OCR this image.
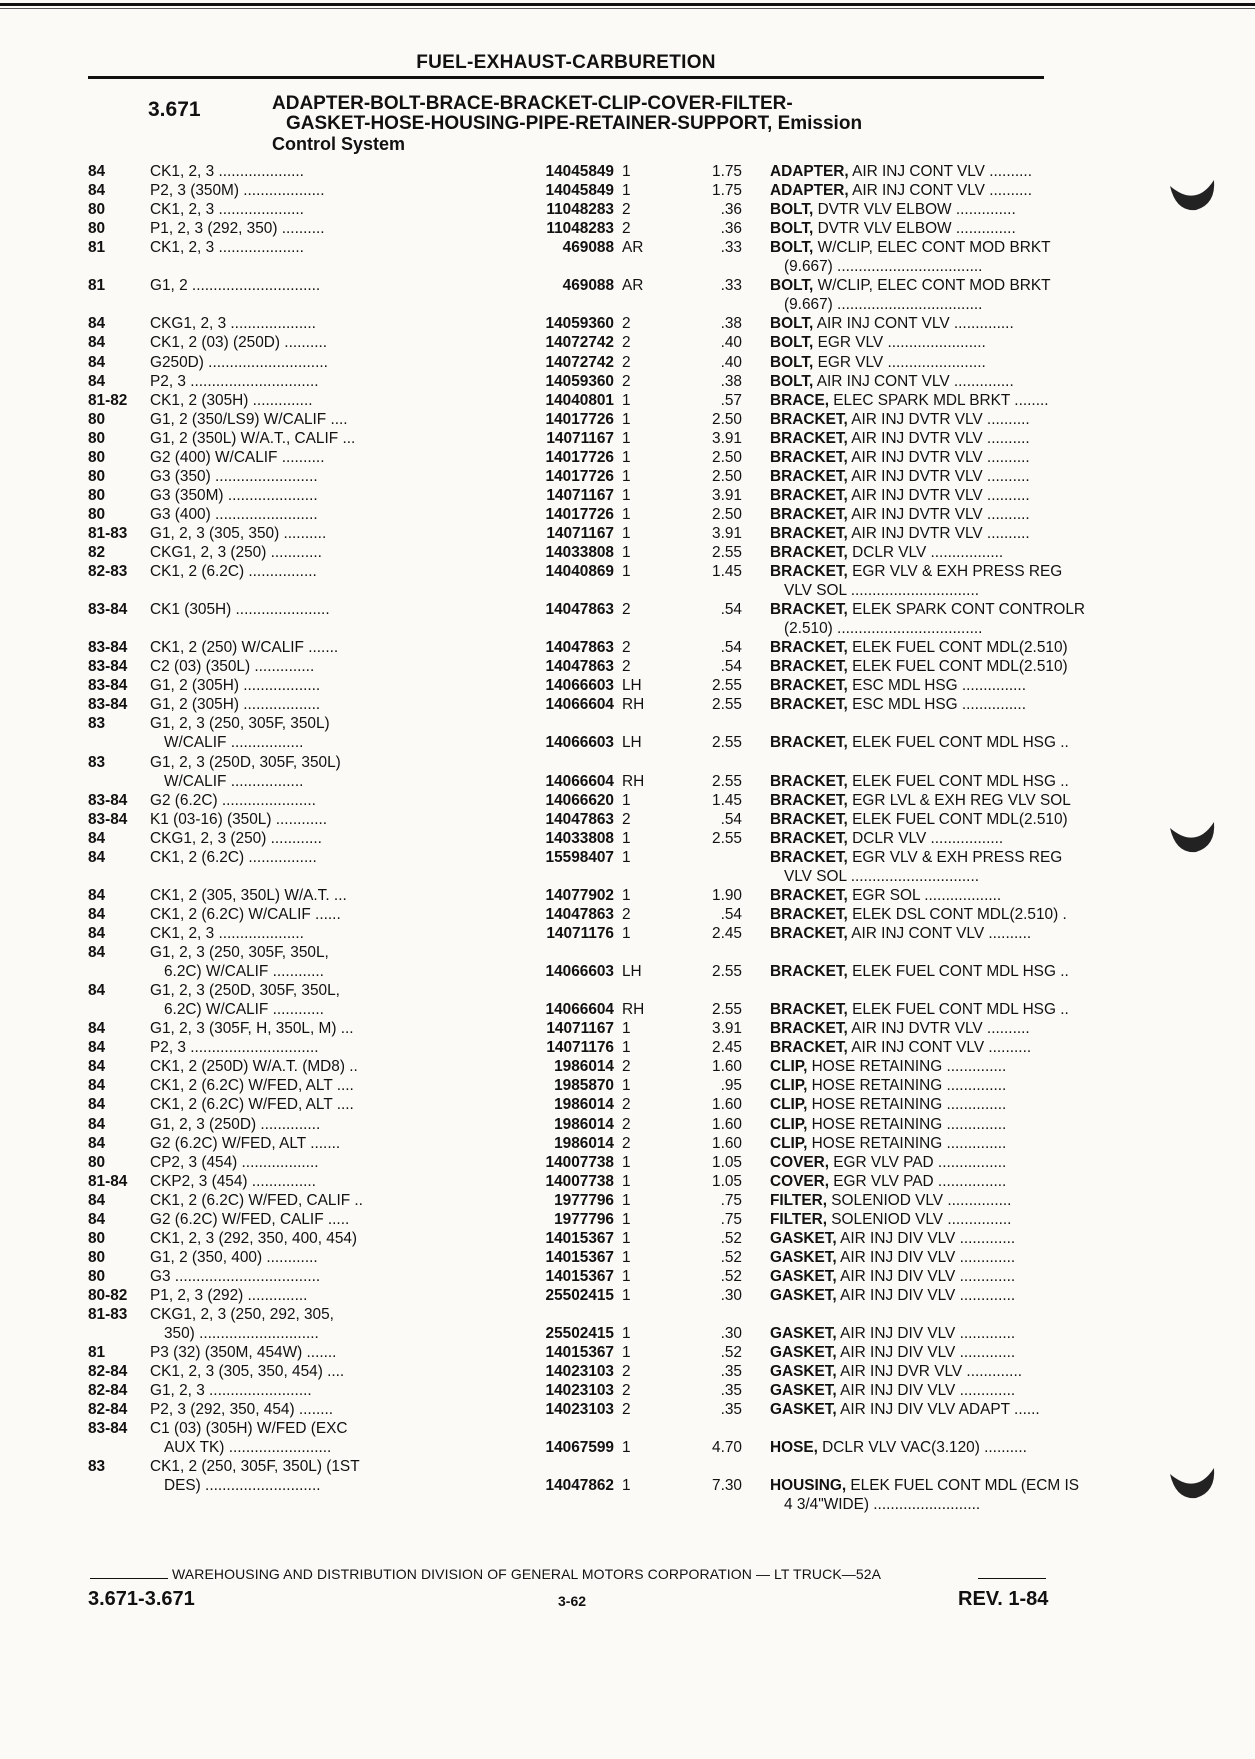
FUEL-EXHAUST-CARBURETION
3.671	ADAPTER-BOLT-BRACE-BRACKET-CLIP-COVER-FILTER-
GASKET-HOSE-HOUSING-PIPE-RETAINER-SUPPORT, Emission
Control System
84	CK1, 2, 3 ....................	14045849 1	1.75 ADAPTER, AIR INJ CONT VLV ..........
84	P2, 3 (350M) ...................	14045849 1	1.75 ADAPTER, AIR INJ CONT VLV ..........
80	CK1, 2, 3 ....................	11048283 2	.36 BOLT, DVTR VLV ELBOW ..............
80	P1, 2, 3 (292, 350) ..........	11048283 2	.36 BOLT, DVTR VLV ELBOW ..............
81	CK1, 2, 3 ....................	469088 AR	.33 BOLT, W/CLIP, ELEC CONT MOD BRKT
(9.667) ..................................
81	G1, 2 ..............................	469088 AR	.33 BOLT, W/CLIP, ELEC CONT MOD BRKT
(9.667) ..................................
84	CKG1, 2, 3 ....................	14059360 2	.38 BOLT, AIR INJ CONT VLV ..............
84	CK1, 2 (03) (250D) ..........	14072742 2	.40 BOLT, EGR VLV .......................
84	G250D) ............................	14072742 2	.40 BOLT, EGR VLV .......................
84	P2, 3 ..............................	14059360 2	.38 BOLT, AIR INJ CONT VLV ..............
81-82	CK1, 2 (305H) ..............	14040801 1	.57 BRACE, ELEC SPARK MDL BRKT ........
80	G1, 2 (350/LS9) W/CALIF ....	14017726 1	2.50 BRACKET, AIR INJ DVTR VLV ..........
80	G1, 2 (350L) W/A.T., CALIF ...	14071167 1	3.91 BRACKET, AIR INJ DVTR VLV ..........
80	G2 (400) W/CALIF ..........	14017726 1	2.50 BRACKET, AIR INJ DVTR VLV ..........
80	G3 (350) ........................	14017726 1	2.50 BRACKET, AIR INJ DVTR VLV ..........
80	G3 (350M) .....................	14071167 1	3.91 BRACKET, AIR INJ DVTR VLV ..........
80	G3 (400) ........................	14017726 1	2.50 BRACKET, AIR INJ DVTR VLV ..........
81-83	G1, 2, 3 (305, 350) ..........	14071167 1	3.91 BRACKET, AIR INJ DVTR VLV ..........
82	CKG1, 2, 3 (250) ............	14033808 1	2.55 BRACKET, DCLR VLV .................
82-83	CK1, 2 (6.2C) ................	14040869 1	1.45 BRACKET, EGR VLV & EXH PRESS REG
VLV SOL ..............................
83-84	CK1 (305H) ......................	14047863 2	.54 BRACKET, ELEK SPARK CONT CONTROLR
(2.510) ..................................
83-84	CK1, 2 (250) W/CALIF .......	14047863 2	.54 BRACKET, ELEK FUEL CONT MDL(2.510)
83-84	C2 (03) (350L) ..............	14047863 2	.54 BRACKET, ELEK FUEL CONT MDL(2.510)
83-84	G1, 2 (305H) ..................	14066603 LH	2.55 BRACKET, ESC MDL HSG ...............
83-84	G1, 2 (305H) ..................	14066604 RH	2.55 BRACKET, ESC MDL HSG ...............
83	G1, 2, 3 (250, 305F, 350L)
W/CALIF .................	14066603 LH	2.55 BRACKET, ELEK FUEL CONT MDL HSG ..
83	G1, 2, 3 (250D, 305F, 350L)
W/CALIF .................	14066604 RH	2.55 BRACKET, ELEK FUEL CONT MDL HSG ..
83-84	G2 (6.2C) ......................	14066620 1	1.45 BRACKET, EGR LVL & EXH REG VLV SOL
83-84	K1 (03-16) (350L) ............	14047863 2	.54 BRACKET, ELEK FUEL CONT MDL(2.510)
84	CKG1, 2, 3 (250) ............	14033808 1	2.55 BRACKET, DCLR VLV .................
84	CK1, 2 (6.2C) ................	15598407 1	BRACKET, EGR VLV & EXH PRESS REG
VLV SOL ..............................
84	CK1, 2 (305, 350L) W/A.T. ...	14077902 1	1.90 BRACKET, EGR SOL ..................
84	CK1, 2 (6.2C) W/CALIF ......	14047863 2	.54 BRACKET, ELEK DSL CONT MDL(2.510) .
84	CK1, 2, 3 ....................	14071176 1	2.45 BRACKET, AIR INJ CONT VLV ..........
84	G1, 2, 3 (250, 305F, 350L,
6.2C) W/CALIF ............	14066603 LH	2.55 BRACKET, ELEK FUEL CONT MDL HSG ..
84	G1, 2, 3 (250D, 305F, 350L,
6.2C) W/CALIF ............	14066604 RH	2.55 BRACKET, ELEK FUEL CONT MDL HSG ..
84	G1, 2, 3 (305F, H, 350L, M) ...	14071167 1	3.91 BRACKET, AIR INJ DVTR VLV ..........
84	P2, 3 ..............................	14071176 1	2.45 BRACKET, AIR INJ CONT VLV ..........
84	CK1, 2 (250D) W/A.T. (MD8) ..	1986014 2	1.60 CLIP, HOSE RETAINING ..............
84	CK1, 2 (6.2C) W/FED, ALT ....	1985870 1	.95 CLIP, HOSE RETAINING ..............
84	CK1, 2 (6.2C) W/FED, ALT ....	1986014 2	1.60 CLIP, HOSE RETAINING ..............
84	G1, 2, 3 (250D) ..............	1986014 2	1.60 CLIP, HOSE RETAINING ..............
84	G2 (6.2C) W/FED, ALT .......	1986014 2	1.60 CLIP, HOSE RETAINING ..............
80	CP2, 3 (454) ..................	14007738 1	1.05 COVER, EGR VLV PAD ................
81-84	CKP2, 3 (454) ...............	14007738 1	1.05 COVER, EGR VLV PAD ................
84	CK1, 2 (6.2C) W/FED, CALIF ..	1977796 1	.75 FILTER, SOLENIOD VLV ...............
84	G2 (6.2C) W/FED, CALIF .....	1977796 1	.75 FILTER, SOLENIOD VLV ...............
80	CK1, 2, 3 (292, 350, 400, 454)	14015367 1	.52 GASKET, AIR INJ DIV VLV .............
80	G1, 2 (350, 400) ............	14015367 1	.52 GASKET, AIR INJ DIV VLV .............
80	G3 ..................................	14015367 1	.52 GASKET, AIR INJ DIV VLV .............
80-82	P1, 2, 3 (292) ..............	25502415 1	.30 GASKET, AIR INJ DIV VLV .............
81-83	CKG1, 2, 3 (250, 292, 305,
350) ............................	25502415 1	.30 GASKET, AIR INJ DIV VLV .............
81	P3 (32) (350M, 454W) .......	14015367 1	.52 GASKET, AIR INJ DIV VLV .............
82-84	CK1, 2, 3 (305, 350, 454) ....	14023103 2	.35 GASKET, AIR INJ DVR VLV .............
82-84	G1, 2, 3 ........................	14023103 2	.35 GASKET, AIR INJ DIV VLV .............
82-84	P2, 3 (292, 350, 454) ........	14023103 2	.35 GASKET, AIR INJ DIV VLV ADAPT ......
83-84	C1 (03) (305H) W/FED (EXC
AUX TK) ........................	14067599 1	4.70 HOSE, DCLR VLV VAC(3.120) ..........
83	CK1, 2 (250, 305F, 350L) (1ST
DES) ...........................	14047862 1	7.30 HOUSING, ELEK FUEL CONT MDL (ECM IS
4 3/4"WIDE) .........................
WAREHOUSING AND DISTRIBUTION DIVISION OF GENERAL MOTORS CORPORATION — LT TRUCK—52A
3.671-3.671	3-62	REV. 1-84
